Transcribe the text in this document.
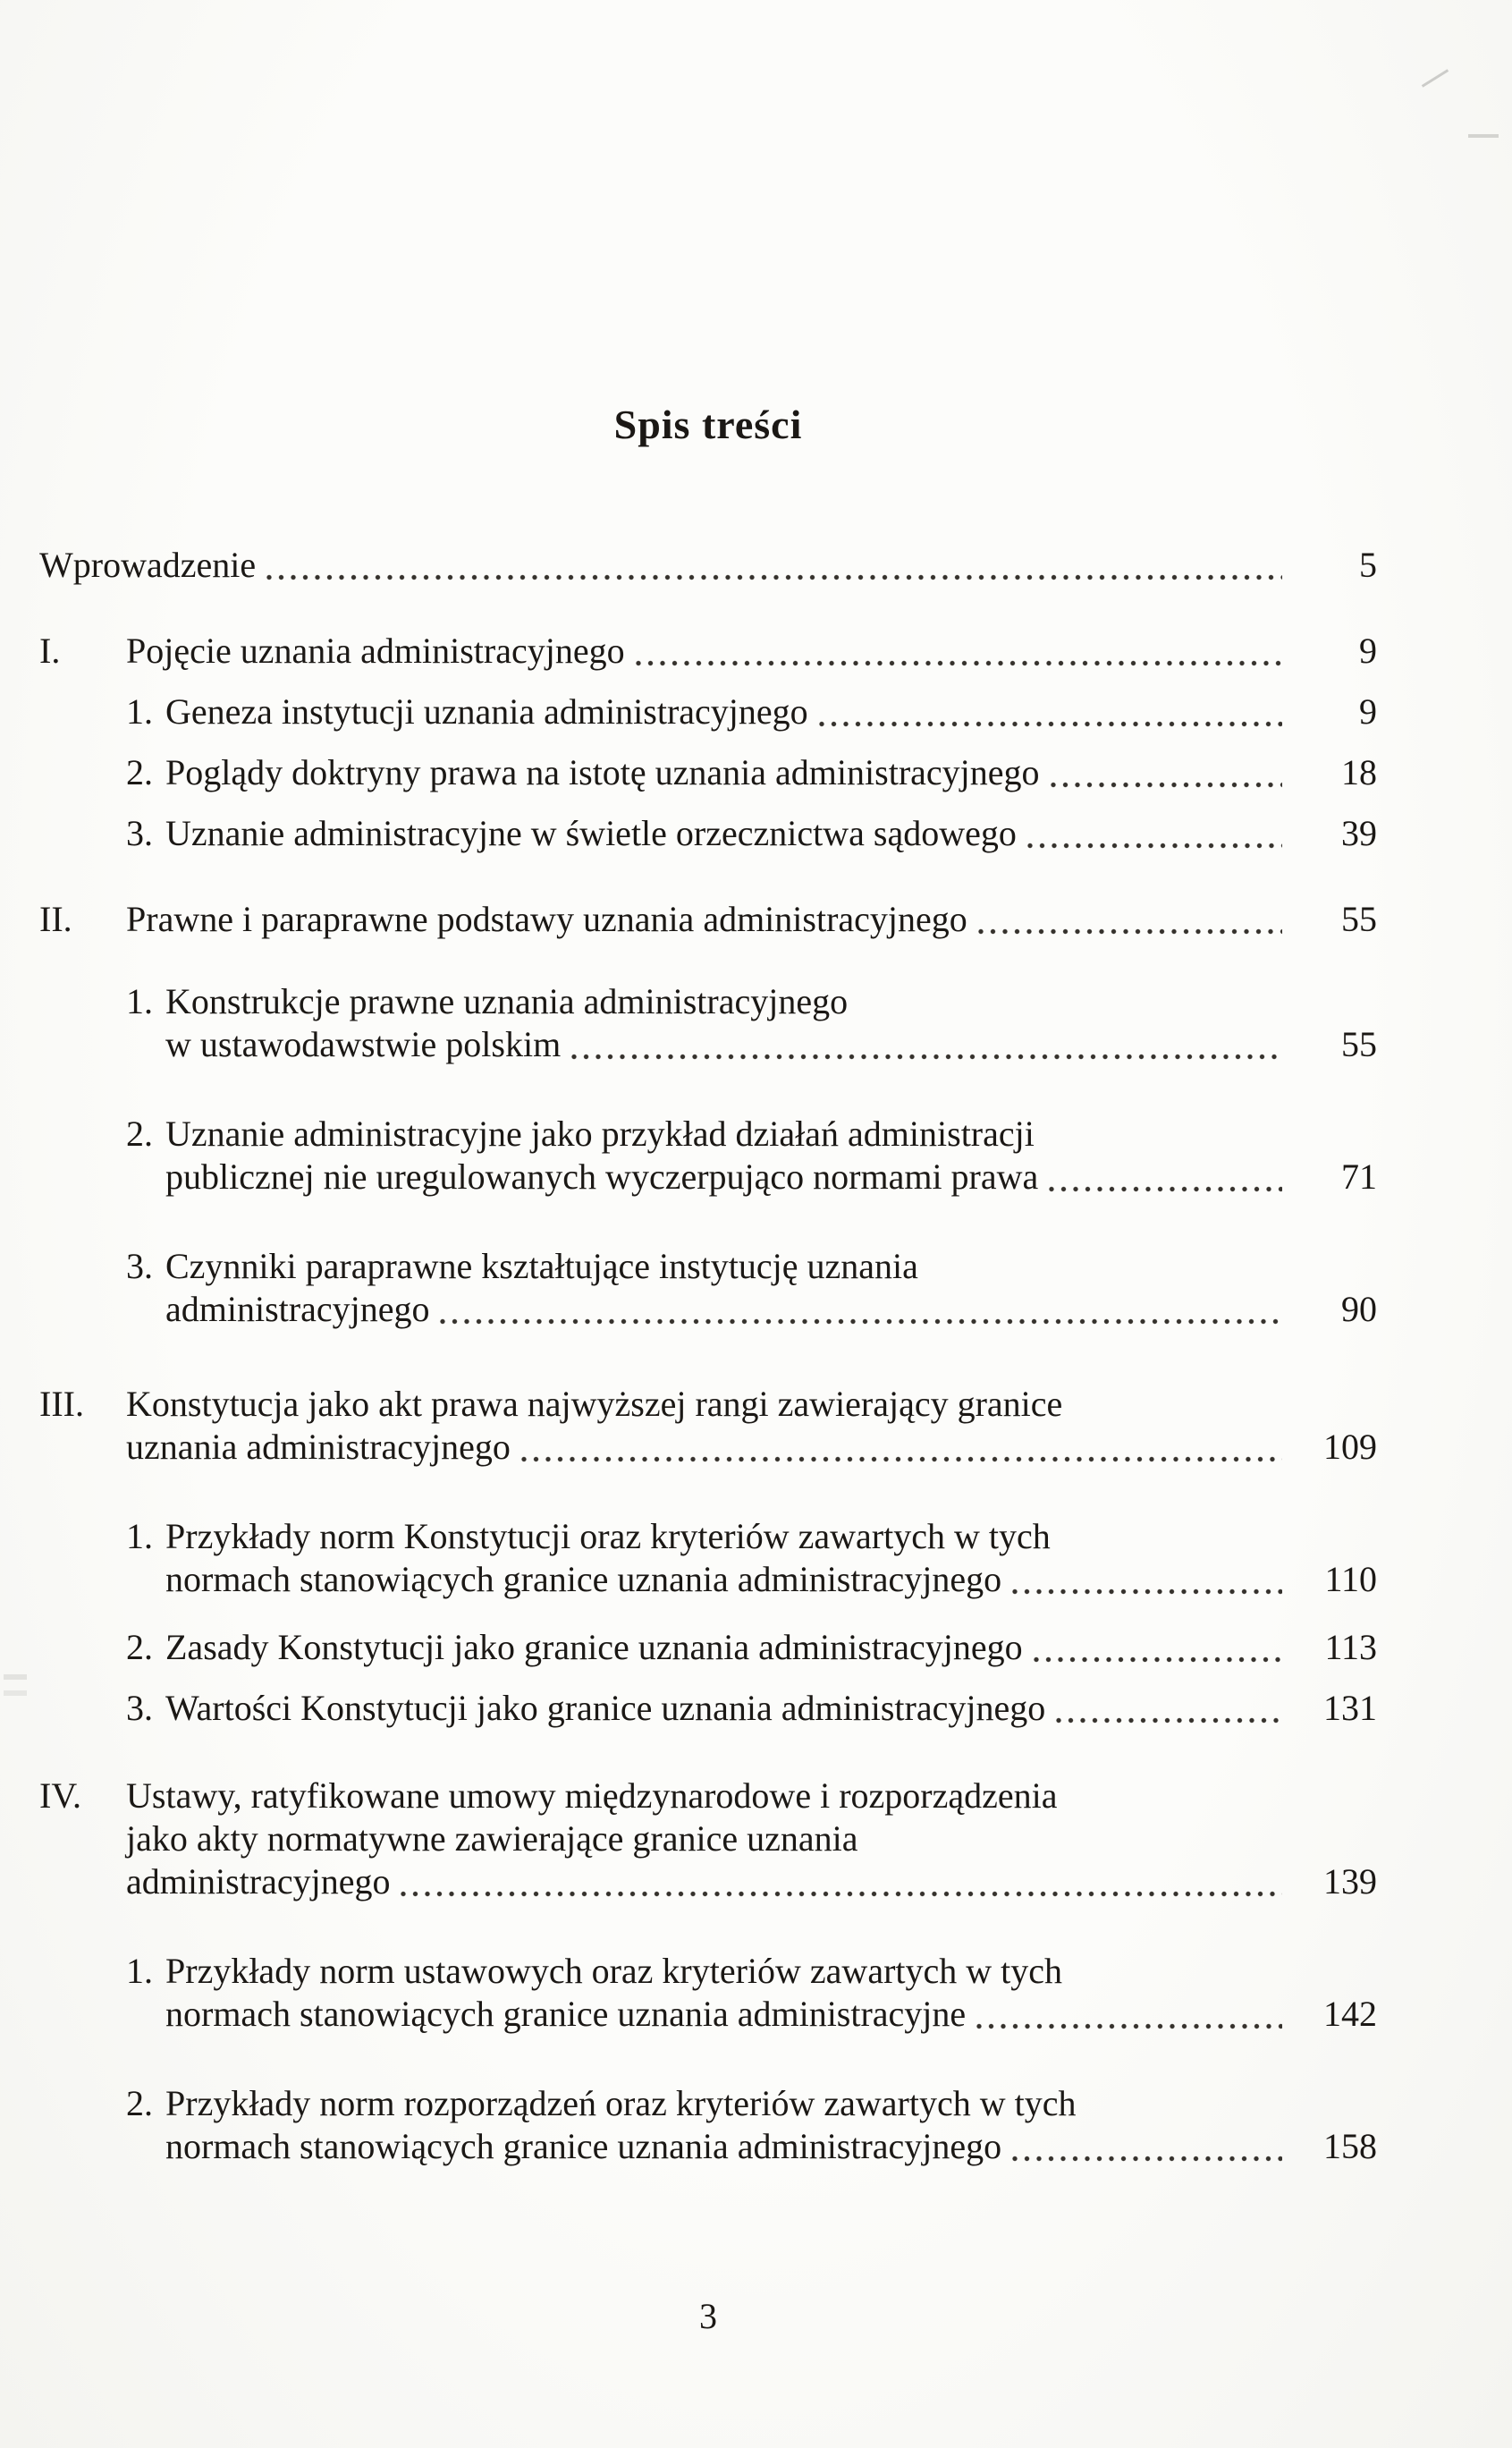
Spis treści
Wprowadzenie	5
I. Pojęcie uznania administracyjnego	9
1. Geneza instytucji uznania administracyjnego	9
2. Poglądy doktryny prawa na istotę uznania administracyjnego	18
3. Uznanie administracyjne w świetle orzecznictwa sądowego	39
II. Prawne i paraprawne podstawy uznania administracyjnego	55
1. Konstrukcje prawne uznania administracyjnego
w ustawodawstwie polskim	55
2. Uznanie administracyjne jako przykład działań administracji
publicznej nie uregulowanych wyczerpująco normami prawa	71
3. Czynniki paraprawne kształtujące instytucję uznania
administracyjnego	90
III. Konstytucja jako akt prawa najwyższej rangi zawierający granice
uznania administracyjnego	109
1. Przykłady norm Konstytucji oraz kryteriów zawartych w tych
normach stanowiących granice uznania administracyjnego	110
2. Zasady Konstytucji jako granice uznania administracyjnego	113
3. Wartości Konstytucji jako granice uznania administracyjnego	131
IV. Ustawy, ratyfikowane umowy międzynarodowe i rozporządzenia
jako akty normatywne zawierające granice uznania
administracyjnego	139
1. Przykłady norm ustawowych oraz kryteriów zawartych w tych
normach stanowiących granice uznania administracyjne	142
2. Przykłady norm rozporządzeń oraz kryteriów zawartych w tych
normach stanowiących granice uznania administracyjnego	158
3
